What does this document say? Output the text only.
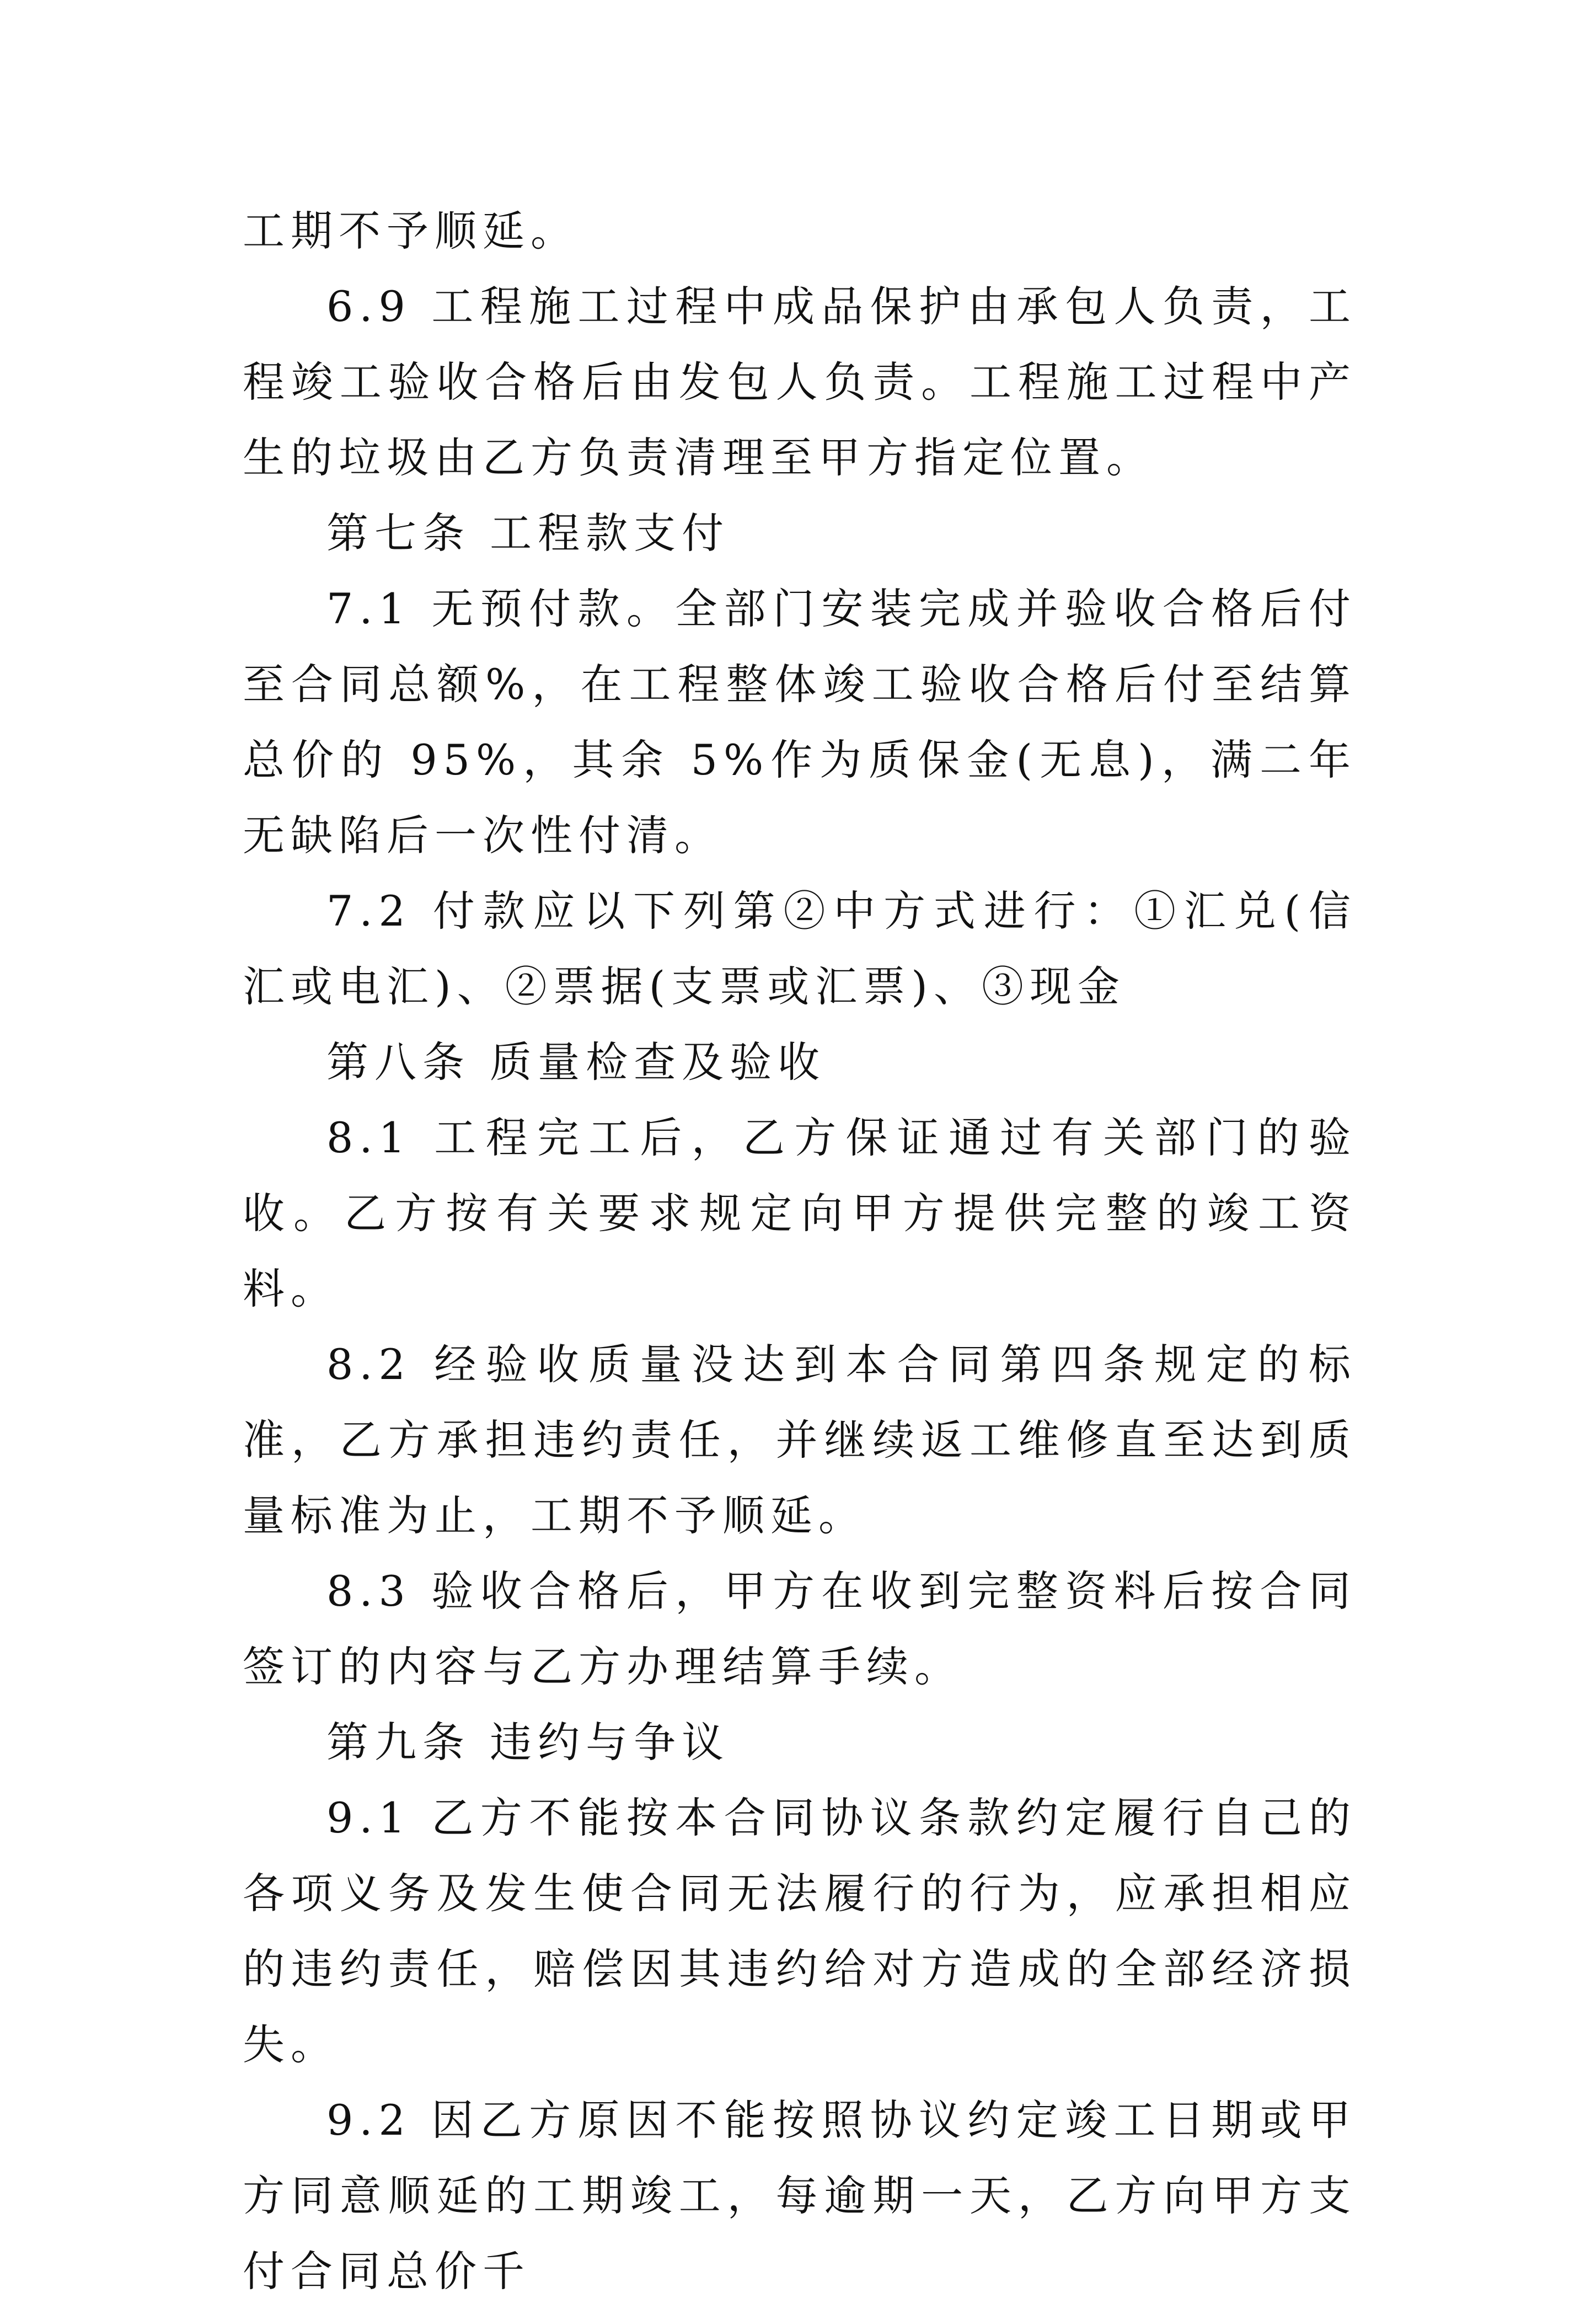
工期不予顺延。

6.9 工程施工过程中成品保护由承包人负责，工程竣工验收合格后由发包人负责。工程施工过程中产生的垃圾由乙方负责清理至甲方指定位置。

第七条 工程款支付

7.1 无预付款。全部门安装完成并验收合格后付至合同总额%，在工程整体竣工验收合格后付至结算总价的 95%，其余 5%作为质保金(无息)，满二年无缺陷后一次性付清。

7.2 付款应以下列第②中方式进行：①汇兑(信汇或电汇)、②票据(支票或汇票)、③现金

第八条 质量检查及验收

8.1 工程完工后，乙方保证通过有关部门的验收。乙方按有关要求规定向甲方提供完整的竣工资料。

8.2 经验收质量没达到本合同第四条规定的标准，乙方承担违约责任，并继续返工维修直至达到质量标准为止，工期不予顺延。

8.3 验收合格后，甲方在收到完整资料后按合同签订的内容与乙方办理结算手续。

第九条 违约与争议

9.1 乙方不能按本合同协议条款约定履行自己的各项义务及发生使合同无法履行的行为，应承担相应的违约责任，赔偿因其违约给对方造成的全部经济损失。

9.2 因乙方原因不能按照协议约定竣工日期或甲方同意顺延的工期竣工，每逾期一天，乙方向甲方支付合同总价千
